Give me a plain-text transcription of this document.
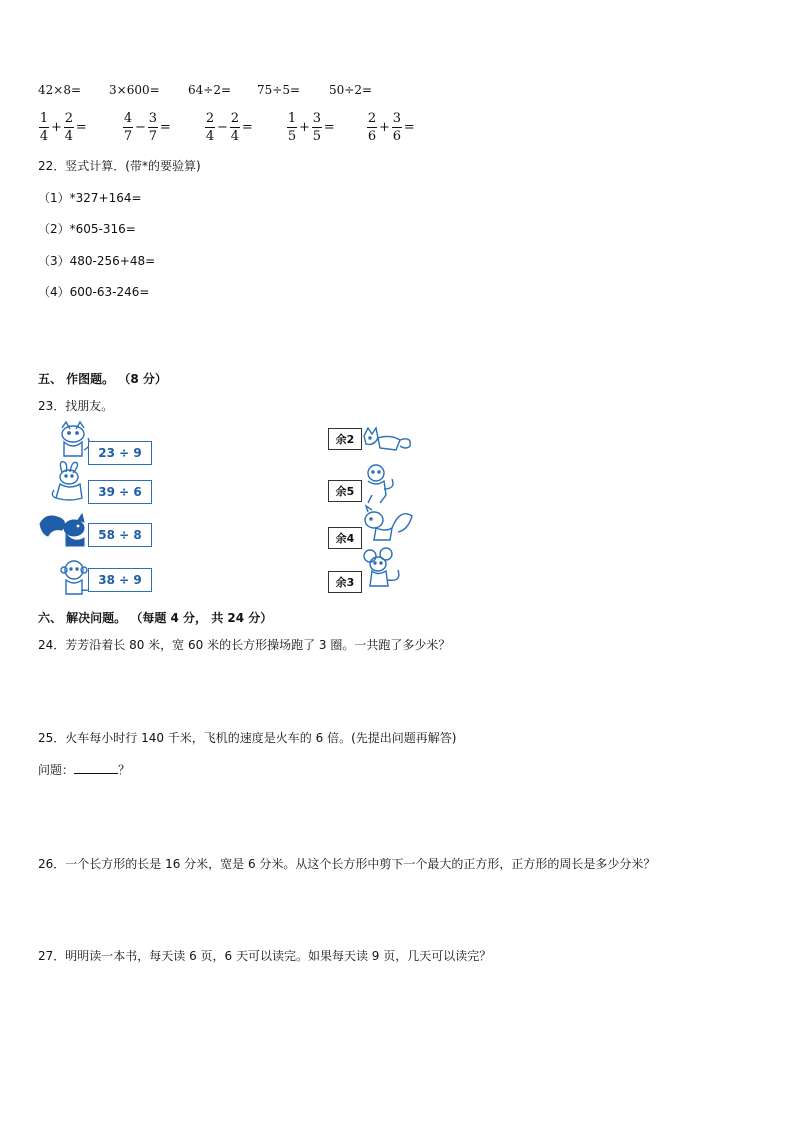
42×8= 3×600= 64÷2= 75÷5= 50÷2=
$\frac{1}{4} + \frac{2}{4}$ =	$\frac{4}{7} - \frac{3}{7}$ =	$\frac{2}{4} - \frac{2}{4}$ =	$\frac{1}{5} + \frac{3}{5} = \frac{2}{6} + \frac{3}{6}$ =
22．竖式计算．(带*的要验算)
（1）*327+164=
（2）*605-316=
（3）480-256+48=
（4）600-63-246=
五、 作图题。 （8 分）
23．找朋友。
23 ÷ 9
39 ÷ 6
58 ÷ 8
38 ÷ 9
余2
余5
余4
余3
六、 解决问题。 （每题 4 分， 共 24 分）
24．芳芳沿着长 80 米，宽 60 米的长方形操场跑了 3 圈。一共跑了多少米？
25．火车每小时行 140 千米，飞机的速度是火车的 6 倍。(先提出问题再解答)
问题：	？
26．一个长方形的长是 16 分米，宽是 6 分米。从这个长方形中剪下一个最大的正方形，正方形的周长是多少分米？
27．明明读一本书，每天读 6 页，6 天可以读完。如果每天读 9 页，几天可以读完？
